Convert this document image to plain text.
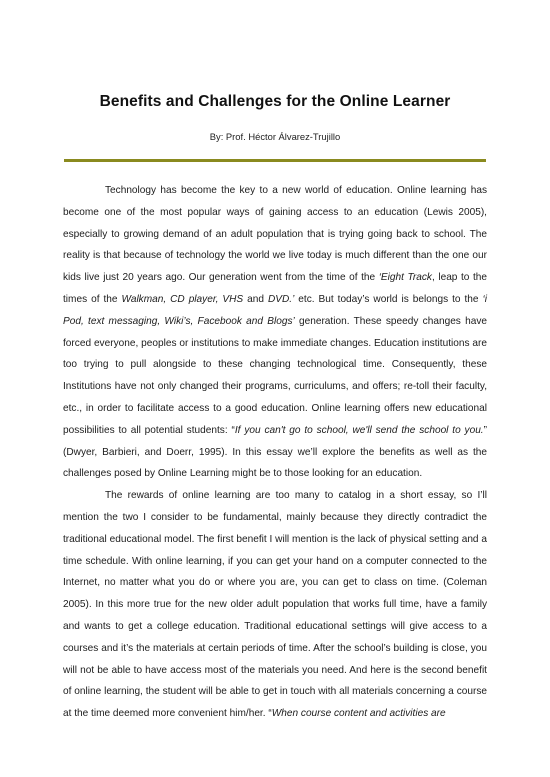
Benefits and Challenges for the Online Learner
By: Prof. Héctor Álvarez-Trujillo

Technology has become the key to a new world of education. Online learning has become one of the most popular ways of gaining access to an education (Lewis 2005), especially to growing demand of an adult population that is trying going back to school. The reality is that because of technology the world we live today is much different than the one our kids live just 20 years ago. Our generation went from the time of the ‘Eight Track, leap to the times of the Walkman, CD player, VHS and DVD.’ etc. But today’s world is belongs to the ‘i Pod, text messaging, Wiki’s, Facebook and Blogs’ generation. These speedy changes have forced everyone, peoples or institutions to make immediate changes. Education institutions are too trying to pull alongside to these changing technological time. Consequently, these Institutions have not only changed their programs, curriculums, and offers; re-toll their faculty, etc., in order to facilitate access to a good education. Online learning offers new educational possibilities to all potential students: “If you can't go to school, we'll send the school to you.” (Dwyer, Barbieri, and Doerr, 1995). In this essay we’ll explore the benefits as well as the challenges posed by Online Learning might be to those looking for an education.

The rewards of online learning are too many to catalog in a short essay, so I’ll mention the two I consider to be fundamental, mainly because they directly contradict the traditional educational model. The first benefit I will mention is the lack of physical setting and a time schedule. With online learning, if you can get your hand on a computer connected to the Internet, no matter what you do or where you are, you can get to class on time. (Coleman 2005). In this more true for the new older adult population that works full time, have a family and wants to get a college education. Traditional educational settings will give access to a courses and it’s the materials at certain periods of time. After the school’s building is close, you will not be able to have access most of the materials you need. And here is the second benefit of online learning, the student will be able to get in touch with all materials concerning a course at the time deemed more convenient him/her. “When course content and activities are
